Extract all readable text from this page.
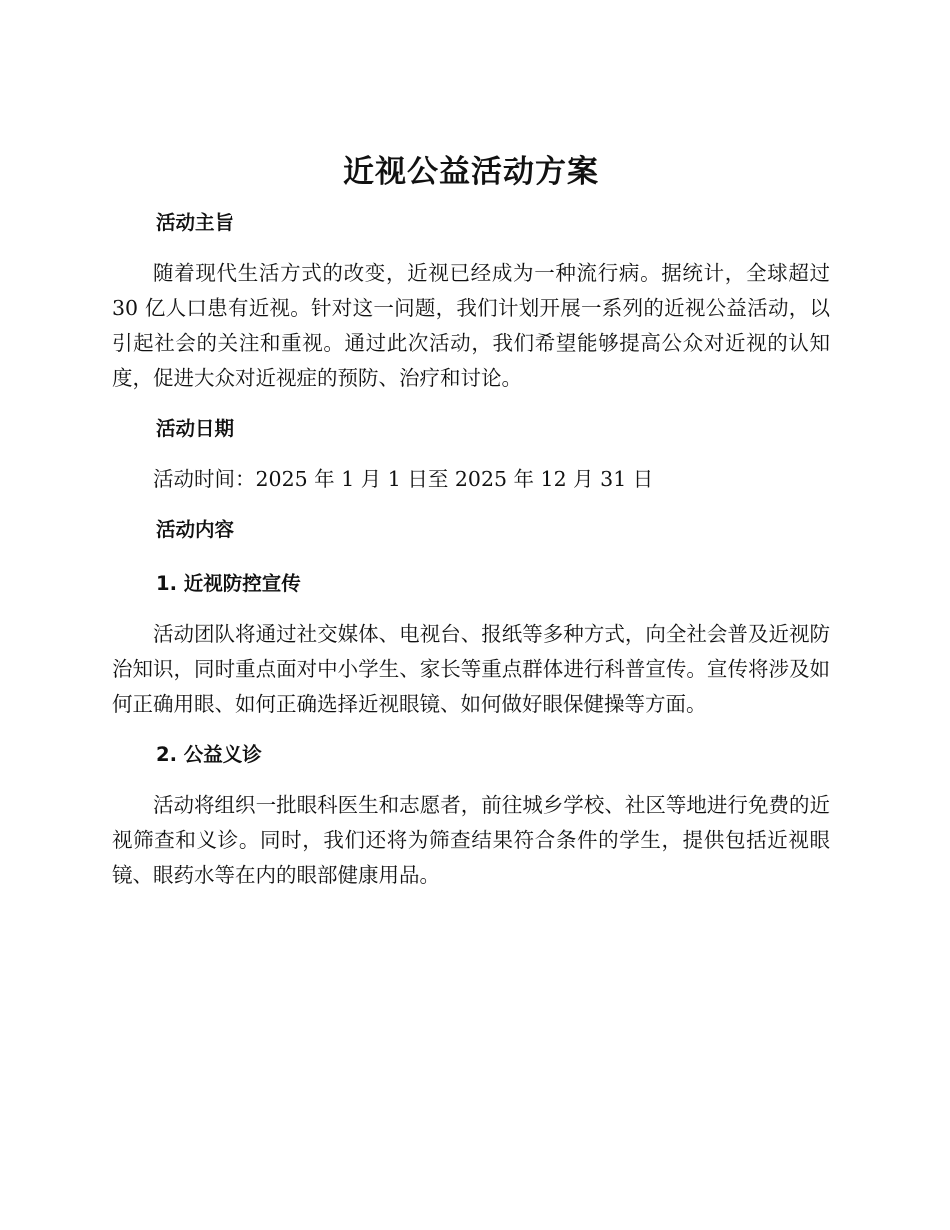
近视公益活动方案
活动主旨

随着现代生活方式的改变，近视已经成为一种流行病。据统计，全球超过 30 亿人口患有近视。针对这一问题，我们计划开展一系列的近视公益活动，以引起社会的关注和重视。通过此次活动，我们希望能够提高公众对近视的认知度，促进大众对近视症的预防、治疗和讨论。

活动日期

活动时间：2025 年 1 月 1 日至 2025 年 12 月 31 日

活动内容
1. 近视防控宣传

活动团队将通过社交媒体、电视台、报纸等多种方式，向全社会普及近视防治知识，同时重点面对中小学生、家长等重点群体进行科普宣传。宣传将涉及如何正确用眼、如何正确选择近视眼镜、如何做好眼保健操等方面。

2. 公益义诊

活动将组织一批眼科医生和志愿者，前往城乡学校、社区等地进行免费的近视筛查和义诊。同时，我们还将为筛查结果符合条件的学生，提供包括近视眼镜、眼药水等在内的眼部健康用品。
